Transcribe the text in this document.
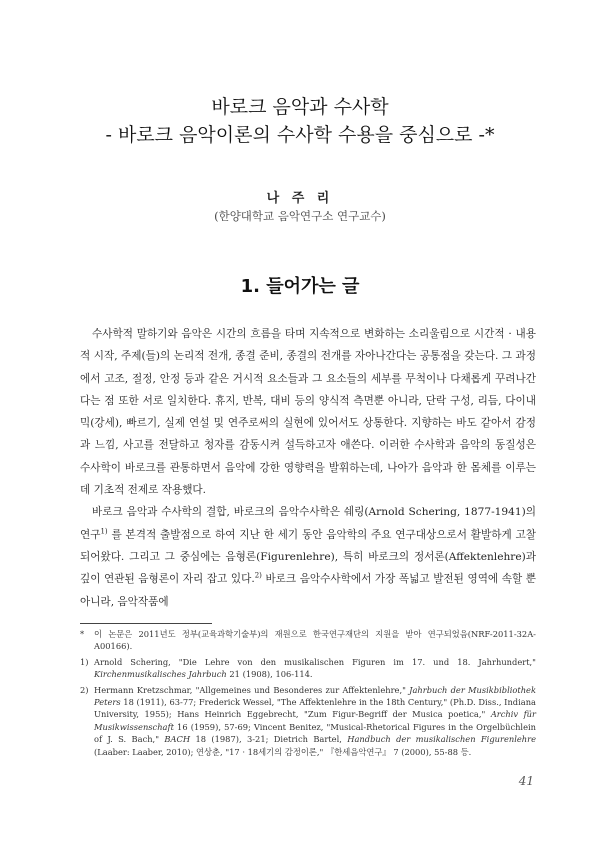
바로크 음악과 수사학
- 바로크 음악이론의 수사학 수용을 중심으로 -*
나 주 리
(한양대학교 음악연구소 연구교수)
1. 들어가는 글

수사학적 말하기와 음악은 시간의 흐름을 타며 지속적으로 변화하는 소리울림으로 시간적 · 내용적 시작, 주제(들)의 논리적 전개, 종결 준비, 종결의 전개를 자아나간다는 공통점을 갖는다. 그 과정에서 고조, 절정, 안정 등과 같은 거시적 요소들과 그 요소들의 세부를 무척이나 다채롭게 꾸려나간다는 점 또한 서로 일치한다. 휴지, 반복, 대비 등의 양식적 측면뿐 아니라, 단락 구성, 리듬, 다이내믹(강세), 빠르기, 실제 연설 및 연주로써의 실현에 있어서도 상통한다. 지향하는 바도 같아서 감정과 느낌, 사고를 전달하고 청자를 감동시켜 설득하고자 애쓴다. 이러한 수사학과 음악의 동질성은 수사학이 바로크를 관통하면서 음악에 강한 영향력을 발휘하는데, 나아가 음악과 한 몸체를 이루는데 기초적 전제로 작용했다.

바로크 음악과 수사학의 결합, 바로크의 음악수사학은 쉐링(Arnold Schering, 1877-1941)의 연구$^{1)}$ 를 본격적 출발점으로 하여 지난 한 세기 동안 음악학의 주요 연구대상으로서 활발하게 고찰되어왔다. 그리고 그 중심에는 음형론(Figurenlehre), 특히 바로크의 정서론(Affektenlehre)과 깊이 연관된 음형론이 자리 잡고 있다.$^{2)}$ 바로크 음악수사학에서 가장 폭넓고 발전된 영역에 속할 뿐 아니라, 음악작품에

*	이 논문은 2011년도 정부(교육과학기술부)의 재원으로 한국연구재단의 지원을 받아 연구되었음(NRF-2011-32A-A00166).
1) Arnold Schering, "Die Lehre von den musikalischen Figuren im 17. und 18. Jahrhundert," Kirchenmusikalisches Jahrbuch 21 (1908), 106-114.
2) Hermann Kretzschmar, "Allgemeines und Besonderes zur Affektenlehre," Jahrbuch der Musikbibliothek Peters 18 (1911), 63-77; Frederick Wessel, "The Affektenlehre in the 18th Century," (Ph.D. Diss., Indiana University, 1955); Hans Heinrich Eggebrecht, "Zum Figur-Begriff der Musica poetica," Archiv für Musikwissenschaft 16 (1959), 57-69; Vincent Benitez, "Musical-Rhetorical Figures in the Orgelbüchlein of J. S. Bach," BACH 18 (1987), 3-21; Dietrich Bartel, Handbuch der musikalischen Figurenlehre (Laaber: Laaber, 2010); 연상춘, "17 · 18세기의 감정이론," 『한세음악연구』 7 (2000), 55-88 등.
41
